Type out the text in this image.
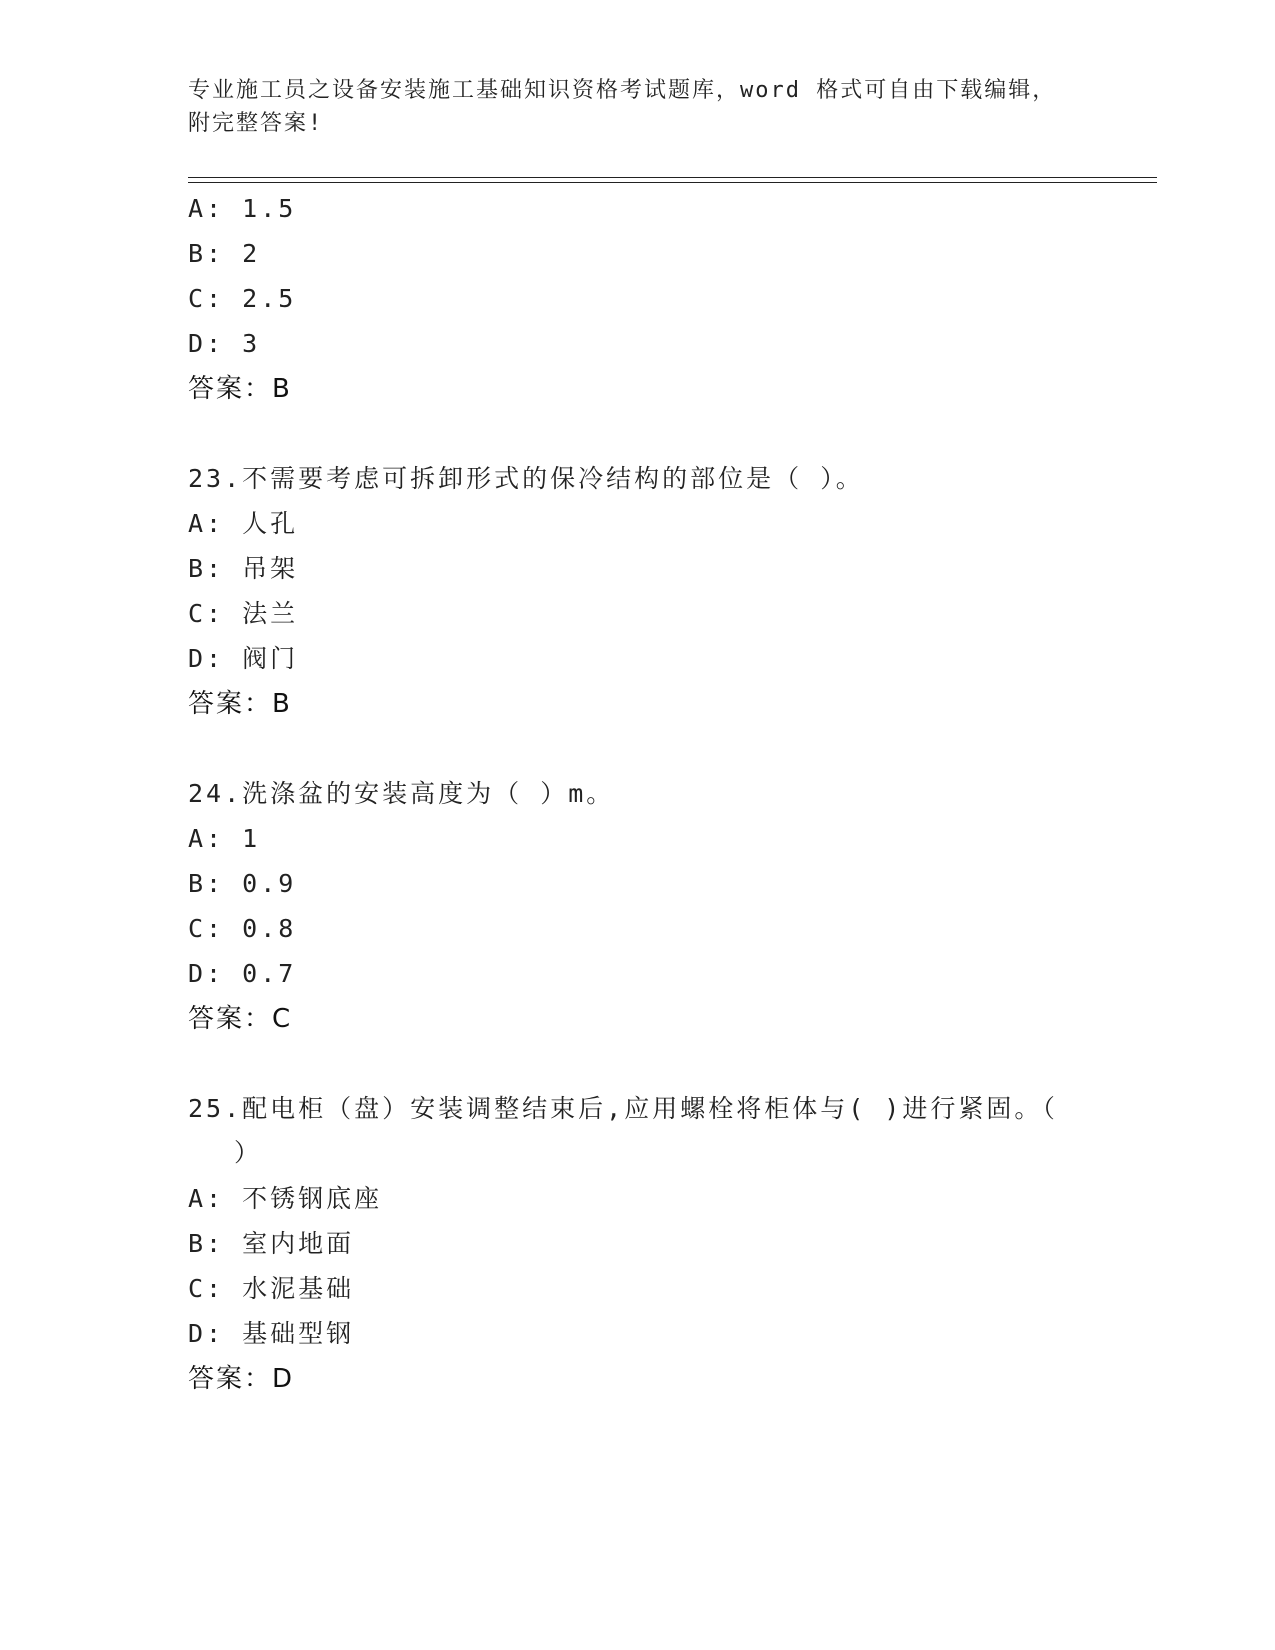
专业施工员之设备安装施工基础知识资格考试题库，word 格式可自由下载编辑，
附完整答案!
A: 1.5
B: 2
C: 2.5
D: 3
答案：B
23.不需要考虑可拆卸形式的保冷结构的部位是（ ）。
A: 人孔
B: 吊架
C: 法兰
D: 阀门
答案：B
24.洗涤盆的安装高度为（ ）m。
A: 1
B: 0.9
C: 0.8
D: 0.7
答案：C
25.配电柜（盘）安装调整结束后,应用螺栓将柜体与( )进行紧固。（
）
A: 不锈钢底座
B: 室内地面
C: 水泥基础
D: 基础型钢
答案：D
